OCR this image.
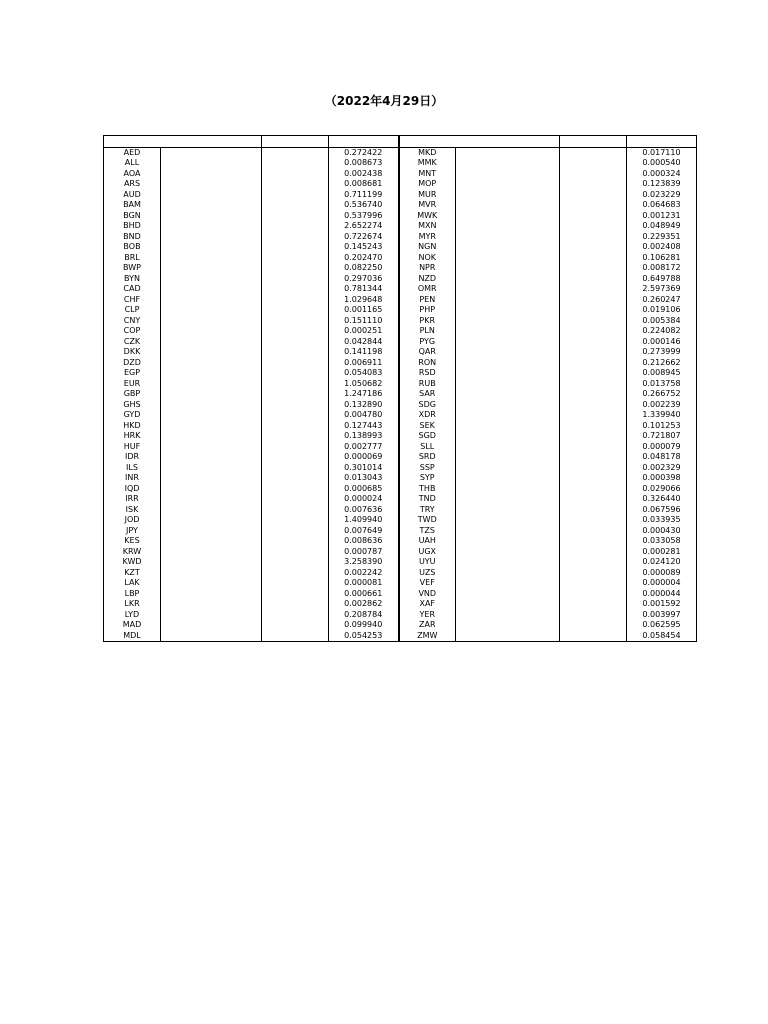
（2022年4月29日）

AED			0.272422	MKD			0.017110
ALL			0.008673	MMK			0.000540
AOA			0.002438	MNT			0.000324
ARS			0.008681	MOP			0.123839
AUD			0.711199	MUR			0.023229
BAM			0.536740	MVR			0.064683
BGN			0.537996	MWK			0.001231
BHD			2.652274	MXN			0.048949
BND			0.722674	MYR			0.229351
BOB			0.145243	NGN			0.002408
BRL			0.202470	NOK			0.106281
BWP			0.082250	NPR			0.008172
BYN			0.297036	NZD			0.649788
CAD			0.781344	OMR			2.597369
CHF			1.029648	PEN			0.260247
CLP			0.001165	PHP			0.019106
CNY			0.151110	PKR			0.005384
COP			0.000251	PLN			0.224082
CZK			0.042844	PYG			0.000146
DKK			0.141198	QAR			0.273999
DZD			0.006911	RON			0.212662
EGP			0.054083	RSD			0.008945
EUR			1.050682	RUB			0.013758
GBP			1.247186	SAR			0.266752
GHS			0.132890	SDG			0.002239
GYD			0.004780	XDR			1.339940
HKD			0.127443	SEK			0.101253
HRK			0.138993	SGD			0.721807
HUF			0.002777	SLL			0.000079
IDR			0.000069	SRD			0.048178
ILS			0.301014	SSP			0.002329
INR			0.013043	SYP			0.000398
IQD			0.000685	THB			0.029066
IRR			0.000024	TND			0.326440
ISK			0.007636	TRY			0.067596
JOD			1.409940	TWD			0.033935
JPY			0.007649	TZS			0.000430
KES			0.008636	UAH			0.033058
KRW			0.000787	UGX			0.000281
KWD			3.258390	UYU			0.024120
KZT			0.002242	UZS			0.000089
LAK			0.000081	VEF			0.000004
LBP			0.000661	VND			0.000044
LKR			0.002862	XAF			0.001592
LYD			0.208784	YER			0.003997
MAD			0.099940	ZAR			0.062595
MDL			0.054253	ZMW			0.058454
